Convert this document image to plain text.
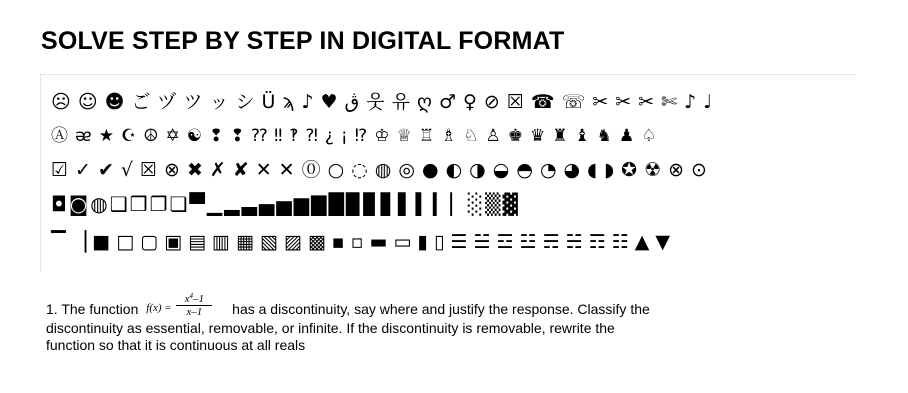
SOLVE STEP BY STEP IN DIGITAL FORMAT
☹ ☺ ☻ ご ヅ ツ ッ シ Ü ϡ ♪ ♥ ڨ 웃 유 ღ ♂ ♀ ⊘ ☒ ☎ ☏ ✂ ✂ ✂ ✄ ♪ ♩
Ⓐ ᴂ ★ ☪ ☮ ✡ ☯ ❢ ❢ ⁇ ‼ ‽ ⁈ ¿ ¡ ⁉ ♔ ♕ ♖ ♗ ♘ ♙ ♚ ♛ ♜ ♝ ♞ ♟ ♤
☑ ✓ ✔ √ ☒ ⊗ ✖ ✗ ✘ ✕ ✕ ⓪ ○ ◌ ◍ ◎ ● ◐ ◑ ◒ ◓ ◔ ◕ ◖ ◗ ✪ ☢ ⊗ ⊙
◘ ◙ ◍ ❑ ❒ ❐ ❏ ▀ ▁ ▂ ▃ ▄ ▅ ▆ ▇ █ ▉ ▊ ▋ ▌ ▍ ▎ ▏ ░ ▒ ▓
▔ ▕ ■ □ ▢ ▣ ▤ ▥ ▦ ▧ ▨ ▩ ▪ ▫ ▬ ▭ ▮ ▯ ☰ ☱ ☲ ☳ ☴ ☵ ☶ ☷ ▲ ▼
1. The function $f(x) = \frac{x^4-1}{x-1}$ has a discontinuity, say where and justify the response. Classify the
discontinuity as essential, removable, or infinite. If the discontinuity is removable, rewrite the
function so that it is continuous at all reals
